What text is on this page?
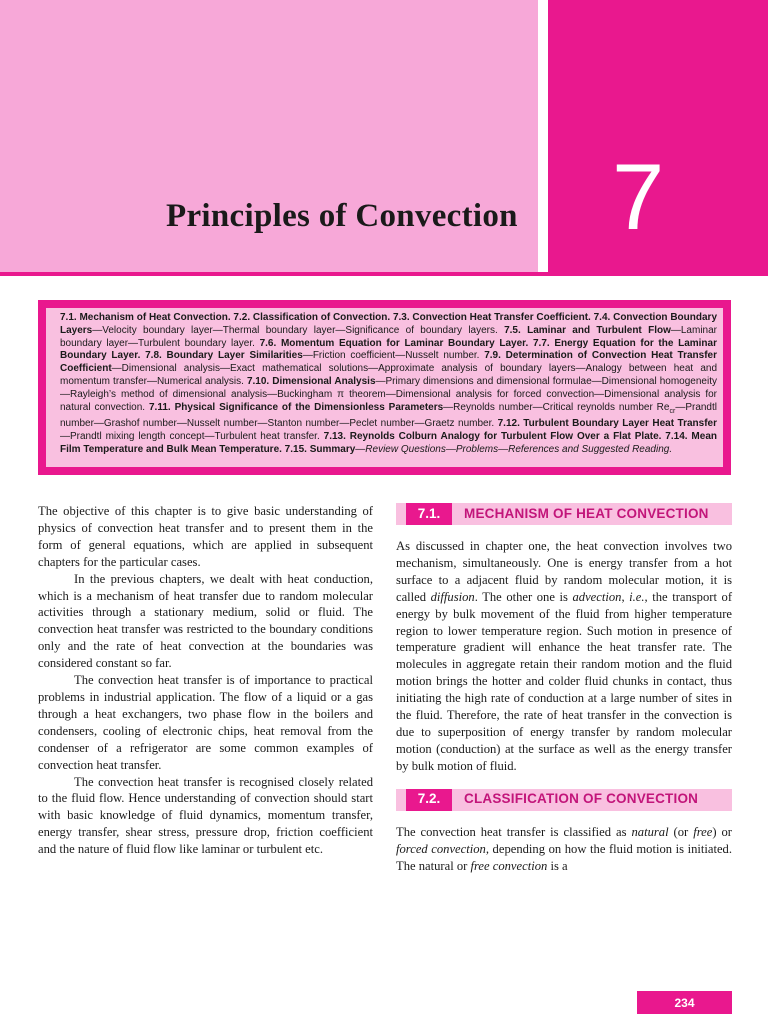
Principles of Convection 7
7.1. Mechanism of Heat Convection. 7.2. Classification of Convection. 7.3. Convection Heat Transfer Coefficient. 7.4. Convection Boundary Layers—Velocity boundary layer—Thermal boundary layer—Significance of boundary layers. 7.5. Laminar and Turbulent Flow—Laminar boundary layer—Turbulent boundary layer. 7.6. Momentum Equation for Laminar Boundary Layer. 7.7. Energy Equation for the Laminar Boundary Layer. 7.8. Boundary Layer Similarities—Friction coefficient—Nusselt number. 7.9. Determination of Convection Heat Transfer Coefficient—Dimensional analysis—Exact mathematical solutions—Approximate analysis of boundary layers—Analogy between heat and momentum transfer—Numerical analysis. 7.10. Dimensional Analysis—Primary dimensions and dimensional formulae—Dimensional homogeneity—Rayleigh’s method of dimensional analysis—Buckingham π theorem—Dimensional analysis for forced convection—Dimensional analysis for natural convection. 7.11. Physical Significance of the Dimensionless Parameters—Reynolds number—Critical reynolds number $Re_{cr}—Prandtl$ number—Grashof number—Nusselt number—Stanton number—Peclet number—Graetz number. 7.12. Turbulent Boundary Layer Heat Transfer—Prandtl mixing length concept—Turbulent heat transfer. 7.13. Reynolds Colburn Analogy for Turbulent Flow Over a Flat Plate. 7.14. Mean Film Temperature and Bulk Mean Temperature. 7.15. Summary—Review Questions—Problems—References and Suggested Reading.

The objective of this chapter is to give basic understanding of physics of convection heat transfer and to present them in the form of general equations, which are applied in subsequent chapters for the particular cases.

In the previous chapters, we dealt with heat conduction, which is a mechanism of heat transfer due to random molecular activities through a stationary medium, solid or fluid. The convection heat transfer was restricted to the boundary conditions only and the rate of heat convection at the boundaries was considered constant so far.

The convection heat transfer is of importance to practical problems in industrial application. The flow of a liquid or a gas through a heat exchangers, two phase flow in the boilers and condensers, cooling of electronic chips, heat removal from the condenser of a refrigerator are some common examples of convection heat transfer.

The convection heat transfer is recognised closely related to the fluid flow. Hence understanding of convection should start with basic knowledge of fluid dynamics, momentum transfer, energy transfer, shear stress, pressure drop, friction coefficient and the nature of fluid flow like laminar or turbulent etc.

7.1.	MECHANISM OF HEAT CONVECTION

As discussed in chapter one, the heat convection involves two mechanism, simultaneously. One is energy transfer from a hot surface to a adjacent fluid by random molecular motion, it is called diffusion. The other one is advection, i.e., the transport of energy by bulk movement of the fluid from higher temperature region to lower temperature region. Such motion in presence of temperature gradient will enhance the heat transfer rate. The molecules in aggregate retain their random motion and the fluid motion brings the hotter and colder fluid chunks in contact, thus initiating the high rate of conduction at a large number of sites in the fluid. Therefore, the rate of heat transfer in the convection is due to superposition of energy transfer by random molecular motion (conduction) at the surface as well as the energy transfer by bulk motion of fluid.

7.2.	CLASSIFICATION OF CONVECTION

The convection heat transfer is classified as natural (or free) or forced convection, depending on how the fluid motion is initiated. The natural or free convection is a

234
